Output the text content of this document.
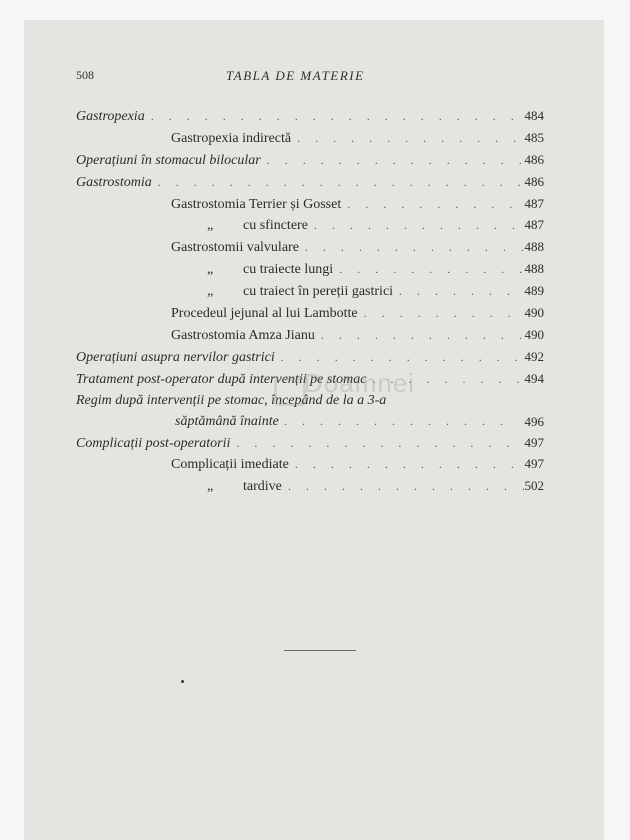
508	TABLA DE MATERIE
Gastropexia . . .	484
Gastropexia indirectă . . .	485
Operațiuni în stomacul bilocular . . .	486
Gastrostomia . . .	486
Gastrostomia Terrier și Gosset . . .	487
„ cu sfinctere . . .	487
Gastrostomii valvulare . . .	488
„ cu traiecte lungi . . .	488
„ cu traiect în pereții gastrici . . .	489
Procedeul jejunal al lui Lambotte . . .	490
Gastrostomia Amza Jianu . . .	490
Operațiuni asupra nervilor gastrici . . .	492
Tratament post-operator după intervenții pe stomac . . .	494
Regim după intervenții pe stomac, începând de la a 3-a
săptămână înainte . . .	496
Complicații post-operatorii . . .	497
Complicații imediate . . .	497
„ tardive . . .	502
Doamnei
